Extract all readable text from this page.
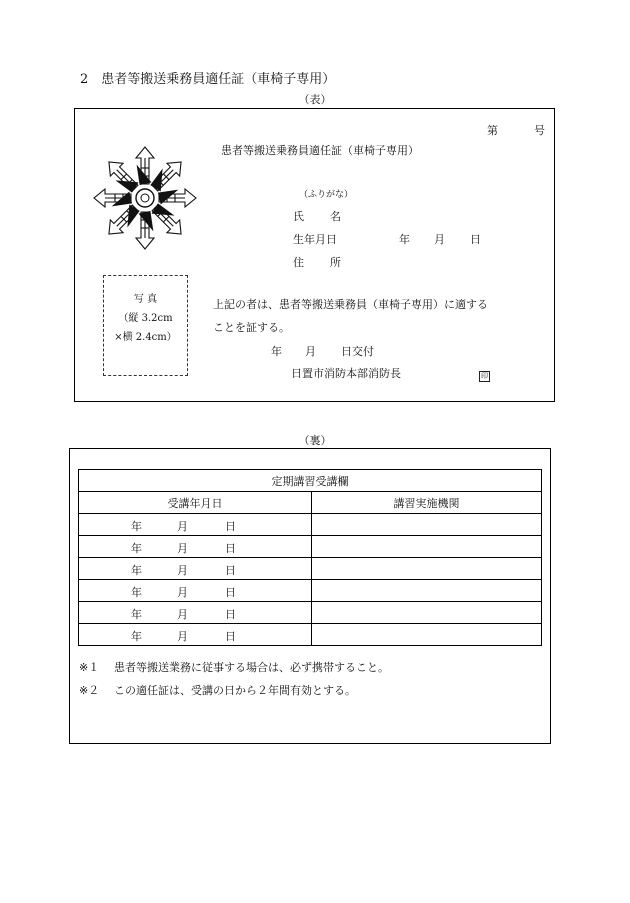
2　患者等搬送乗務員適任証（車椅子専用）
（表）
第	号
患者等搬送乗務員適任証（車椅子専用）
（ふりがな）
氏 名
生年月日	年 月 日
住 所
写 真
（縦 3.2cm
×横 2.4cm）
上記の者は、患者等搬送乗務員（車椅子専用）に適する
ことを証する。
年 月 日交付
日置市消防本部消防長	印
（裏）
定期講習受講欄	
受講年月日	講習実施機関

年 月 日	

年 月 日	

年 月 日	

年 月 日	

年 月 日	

年 月 日	

※１ 患者等搬送業務に従事する場合は、必ず携帯すること。
※２ この適任証は、受講の日から２年間有効とする。
